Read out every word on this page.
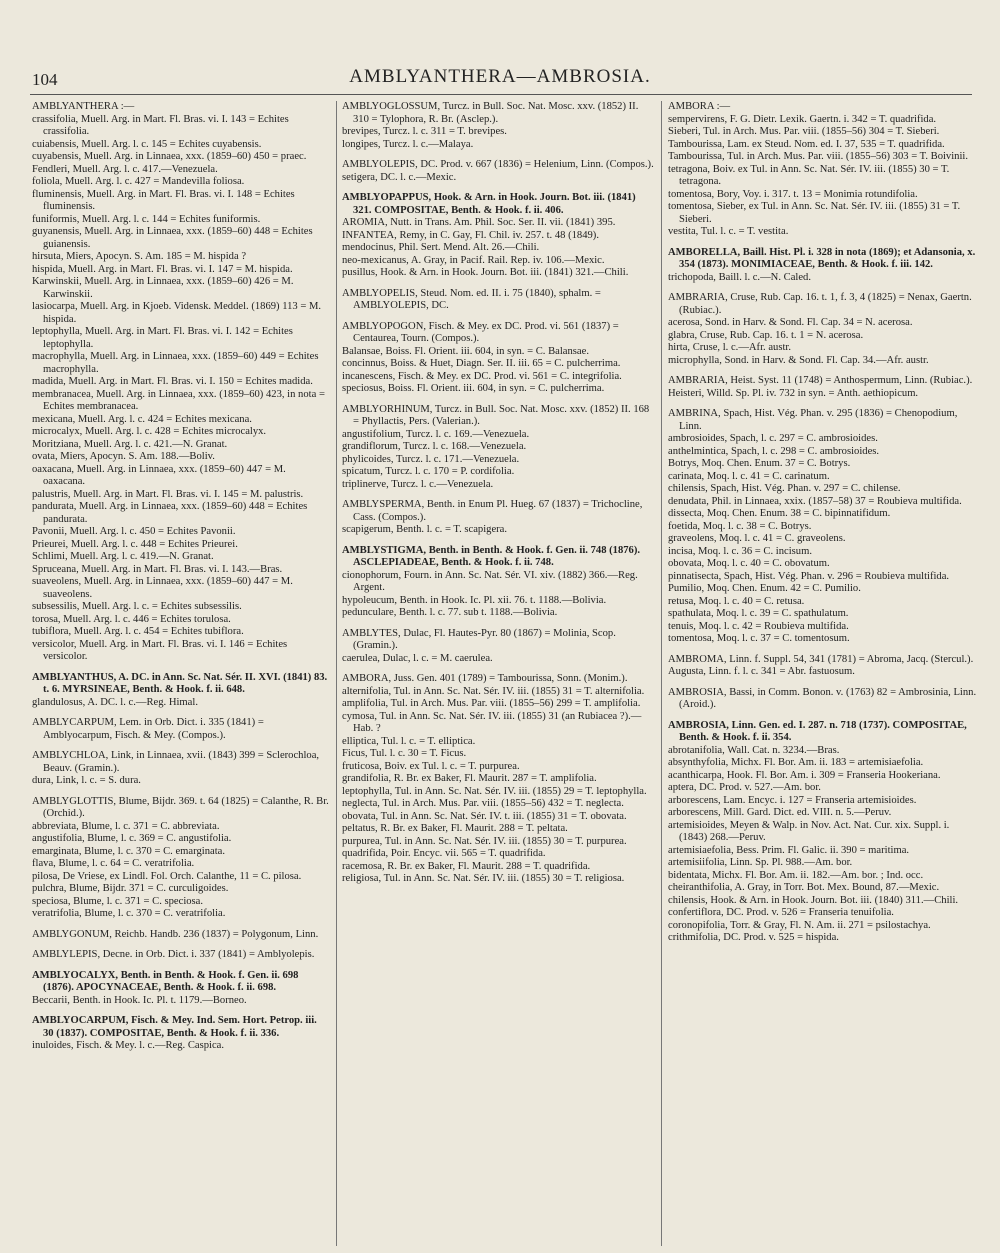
104	AMBLYANTHERA—AMBROSIA.
AMBLYANTHERA :—
crassifolia, Muell. Arg. in Mart. Fl. Bras. vi. I. 143 = Echites crassifolia.
cuiabensis, Muell. Arg. l. c. 145 = Echites cuyabensis.
cuyabensis, Muell. Arg. in Linnaea, xxx. (1859–60) 450 = praec.
Fendleri, Muell. Arg. l. c. 417.—Venezuela.
foliola, Muell. Arg. l. c. 427 = Mandevilla foliosa.
fluminensis, Muell. Arg. in Mart. Fl. Bras. vi. I. 148 = Echites fluminensis.
funiformis, Muell. Arg. l. c. 144 = Echites funiformis.
guyanensis, Muell. Arg. in Linnaea, xxx. (1859–60) 448 = Echites guianensis.
hirsuta, Miers, Apocyn. S. Am. 185 = M. hispida ?
hispida, Muell. Arg. in Mart. Fl. Bras. vi. I. 147 = M. hispida.
Karwinskii, Muell. Arg. in Linnaea, xxx. (1859–60) 426 = M. Karwinskii.
lasiocarpa, Muell. Arg. in Kjoeb. Vidensk. Meddel. (1869) 113 = M. hispida.
leptophylla, Muell. Arg. in Mart. Fl. Bras. vi. I. 142 = Echites leptophylla.
macrophylla, Muell. Arg. in Linnaea, xxx. (1859–60) 449 = Echites macrophylla.
madida, Muell. Arg. in Mart. Fl. Bras. vi. I. 150 = Echites madida.
membranacea, Muell. Arg. in Linnaea, xxx. (1859–60) 423, in nota = Echites membranacea.
mexicana, Muell. Arg. l. c. 424 = Echites mexicana.
microcalyx, Muell. Arg. l. c. 428 = Echites microcalyx.
Moritziana, Muell. Arg. l. c. 421.—N. Granat.
ovata, Miers, Apocyn. S. Am. 188.—Boliv.
oaxacana, Muell. Arg. in Linnaea, xxx. (1859–60) 447 = M. oaxacana.
palustris, Muell. Arg. in Mart. Fl. Bras. vi. I. 145 = M. palustris.
pandurata, Muell. Arg. in Linnaea, xxx. (1859–60) 448 = Echites pandurata.
Pavonii, Muell. Arg. l. c. 450 = Echites Pavonii.
Prieurei, Muell. Arg. l. c. 448 = Echites Prieurei.
Schlimi, Muell. Arg. l. c. 419.—N. Granat.
Spruceana, Muell. Arg. in Mart. Fl. Bras. vi. I. 143.—Bras.
suaveolens, Muell. Arg. in Linnaea, xxx. (1859–60) 447 = M. suaveolens.
subsessilis, Muell. Arg. l. c. = Echites subsessilis.
torosa, Muell. Arg. l. c. 446 = Echites torulosa.
tubiflora, Muell. Arg. l. c. 454 = Echites tubiflora.
versicolor, Muell. Arg. in Mart. Fl. Bras. vi. I. 146 = Echites versicolor.
AMBLYANTHUS, A. DC. in Ann. Sc. Nat. Sér. II. XVI. (1841) 83. t. 6. MYRSINEAE, Benth. & Hook. f. ii. 648.
glandulosus, A. DC. l. c.—Reg. Himal.
AMBLYCARPUM, Lem. in Orb. Dict. i. 335 (1841) = Amblyocarpum, Fisch. & Mey. (Compos.).
AMBLYCHLOA, Link, in Linnaea, xvii. (1843) 399 = Sclerochloa, Beauv. (Gramin.).
dura, Link, l. c. = S. dura.
AMBLYGLOTTIS, Blume, Bijdr. 369. t. 64 (1825) = Calanthe, R. Br. (Orchid.).
abbreviata, Blume, l. c. 371 = C. abbreviata.
angustifolia, Blume, l. c. 369 = C. angustifolia.
emarginata, Blume, l. c. 370 = C. emarginata.
flava, Blume, l. c. 64 = C. veratrifolia.
pilosa, De Vriese, ex Lindl. Fol. Orch. Calanthe, 11 = C. pilosa.
pulchra, Blume, Bijdr. 371 = C. curculigoides.
speciosa, Blume, l. c. 371 = C. speciosa.
veratrifolia, Blume, l. c. 370 = C. veratrifolia.
AMBLYGONUM, Reichb. Handb. 236 (1837) = Polygonum, Linn.
AMBLYLEPIS, Decne. in Orb. Dict. i. 337 (1841) = Amblyolepis.
AMBLYOCALYX, Benth. in Benth. & Hook. f. Gen. ii. 698 (1876). APOCYNACEAE, Benth. & Hook. f. ii. 698.
Beccarii, Benth. in Hook. Ic. Pl. t. 1179.—Borneo.
AMBLYOCARPUM, Fisch. & Mey. Ind. Sem. Hort. Petrop. iii. 30 (1837). COMPOSITAE, Benth. & Hook. f. ii. 336.
inuloides, Fisch. & Mey. l. c.—Reg. Caspica.
AMBLYOGLOSSUM, Turcz. in Bull. Soc. Nat. Mosc. xxv. (1852) II. 310 = Tylophora, R. Br. (Asclep.).
brevipes, Turcz. l. c. 311 = T. brevipes.
longipes, Turcz. l. c.—Malaya.
AMBLYOLEPIS, DC. Prod. v. 667 (1836) = Helenium, Linn. (Compos.).
setigera, DC. l. c.—Mexic.
AMBLYOPAPPUS, Hook. & Arn. in Hook. Journ. Bot. iii. (1841) 321. COMPOSITAE, Benth. & Hook. f. ii. 406.
AROMIA, Nutt. in Trans. Am. Phil. Soc. Ser. II. vii. (1841) 395.
INFANTEA, Remy, in C. Gay, Fl. Chil. iv. 257. t. 48 (1849).
mendocinus, Phil. Sert. Mend. Alt. 26.—Chili.
neo-mexicanus, A. Gray, in Pacif. Rail. Rep. iv. 106.—Mexic.
pusillus, Hook. & Arn. in Hook. Journ. Bot. iii. (1841) 321.—Chili.
AMBLYOPELIS, Steud. Nom. ed. II. i. 75 (1840), sphalm. = AMBLYOLEPIS, DC.
AMBLYOPOGON, Fisch. & Mey. ex DC. Prod. vi. 561 (1837) = Centaurea, Tourn. (Compos.).
Balansae, Boiss. Fl. Orient. iii. 604, in syn. = C. Balansae.
concinnus, Boiss. & Huet, Diagn. Ser. II. iii. 65 = C. pulcherrima.
incanescens, Fisch. & Mey. ex DC. Prod. vi. 561 = C. integrifolia.
speciosus, Boiss. Fl. Orient. iii. 604, in syn. = C. pulcherrima.
AMBLYORHINUM, Turcz. in Bull. Soc. Nat. Mosc. xxv. (1852) II. 168 = Phyllactis, Pers. (Valerian.).
angustifolium, Turcz. l. c. 169.—Venezuela.
grandiflorum, Turcz. l. c. 168.—Venezuela.
phylicoides, Turcz. l. c. 171.—Venezuela.
spicatum, Turcz. l. c. 170 = P. cordifolia.
triplinerve, Turcz. l. c.—Venezuela.
AMBLYSPERMA, Benth. in Enum Pl. Hueg. 67 (1837) = Trichocline, Cass. (Compos.).
scapigerum, Benth. l. c. = T. scapigera.
AMBLYSTIGMA, Benth. in Benth. & Hook. f. Gen. ii. 748 (1876). ASCLEPIADEAE, Benth. & Hook. f. ii. 748.
cionophorum, Fourn. in Ann. Sc. Nat. Sér. VI. xiv. (1882) 366.—Reg. Argent.
hypoleucum, Benth. in Hook. Ic. Pl. xii. 76. t. 1188.—Bolivia.
pedunculare, Benth. l. c. 77. sub t. 1188.—Bolivia.
AMBLYTES, Dulac, Fl. Hautes-Pyr. 80 (1867) = Molinia, Scop. (Gramin.).
caerulea, Dulac, l. c. = M. caerulea.
AMBORA, Juss. Gen. 401 (1789) = Tambourissa, Sonn. (Monim.).
alternifolia, Tul. in Ann. Sc. Nat. Sér. IV. iii. (1855) 31 = T. alternifolia.
amplifolia, Tul. in Arch. Mus. Par. viii. (1855–56) 299 = T. amplifolia.
cymosa, Tul. in Ann. Sc. Nat. Sér. IV. iii. (1855) 31 (an Rubiacea ?).—Hab. ?
elliptica, Tul. l. c. = T. elliptica.
Ficus, Tul. l. c. 30 = T. Ficus.
fruticosa, Boiv. ex Tul. l. c. = T. purpurea.
grandifolia, R. Br. ex Baker, Fl. Maurit. 287 = T. amplifolia.
leptophylla, Tul. in Ann. Sc. Nat. Sér. IV. iii. (1855) 29 = T. leptophylla.
neglecta, Tul. in Arch. Mus. Par. viii. (1855–56) 432 = T. neglecta.
obovata, Tul. in Ann. Sc. Nat. Sér. IV. t. iii. (1855) 31 = T. obovata.
peltatus, R. Br. ex Baker, Fl. Maurit. 288 = T. peltata.
purpurea, Tul. in Ann. Sc. Nat. Sér. IV. iii. (1855) 30 = T. purpurea.
quadrifida, Poir. Encyc. vii. 565 = T. quadrifida.
racemosa, R. Br. ex Baker, Fl. Maurit. 288 = T. quadrifida.
religiosa, Tul. in Ann. Sc. Nat. Sér. IV. iii. (1855) 30 = T. religiosa.
AMBORA :—
sempervirens, F. G. Dietr. Lexik. Gaertn. i. 342 = T. quadrifida.
Sieberi, Tul. in Arch. Mus. Par. viii. (1855–56) 304 = T. Sieberi.
Tambourissa, Lam. ex Steud. Nom. ed. I. 37, 535 = T. quadrifida.
Tambourissa, Tul. in Arch. Mus. Par. viii. (1855–56) 303 = T. Boivinii.
tetragona, Boiv. ex Tul. in Ann. Sc. Nat. Sér. IV. iii. (1855) 30 = T. tetragona.
tomentosa, Bory, Voy. i. 317. t. 13 = Monimia rotundifolia.
tomentosa, Sieber, ex Tul. in Ann. Sc. Nat. Sér. IV. iii. (1855) 31 = T. Sieberi.
vestita, Tul. l. c. = T. vestita.
AMBORELLA, Baill. Hist. Pl. i. 328 in nota (1869); et Adansonia, x. 354 (1873). MONIMIACEAE, Benth. & Hook. f. iii. 142.
trichopoda, Baill. l. c.—N. Caled.
AMBRARIA, Cruse, Rub. Cap. 16. t. 1, f. 3, 4 (1825) = Nenax, Gaertn. (Rubiac.).
acerosa, Sond. in Harv. & Sond. Fl. Cap. 34 = N. acerosa.
glabra, Cruse, Rub. Cap. 16. t. 1 = N. acerosa.
hirta, Cruse, l. c.—Afr. austr.
microphylla, Sond. in Harv. & Sond. Fl. Cap. 34.—Afr. austr.
AMBRARIA, Heist. Syst. 11 (1748) = Anthospermum, Linn. (Rubiac.).
Heisteri, Willd. Sp. Pl. iv. 732 in syn. = Anth. aethiopicum.
AMBRINA, Spach, Hist. Vég. Phan. v. 295 (1836) = Chenopodium, Linn.
ambrosioides, Spach, l. c. 297 = C. ambrosioides.
anthelmintica, Spach, l. c. 298 = C. ambrosioides.
Botrys, Moq. Chen. Enum. 37 = C. Botrys.
carinata, Moq. l. c. 41 = C. carinatum.
chilensis, Spach, Hist. Vég. Phan. v. 297 = C. chilense.
denudata, Phil. in Linnaea, xxix. (1857–58) 37 = Roubieva multifida.
dissecta, Moq. Chen. Enum. 38 = C. bipinnatifidum.
foetida, Moq. l. c. 38 = C. Botrys.
graveolens, Moq. l. c. 41 = C. graveolens.
incisa, Moq. l. c. 36 = C. incisum.
obovata, Moq. l. c. 40 = C. obovatum.
pinnatisecta, Spach, Hist. Vég. Phan. v. 296 = Roubieva multifida.
Pumilio, Moq. Chen. Enum. 42 = C. Pumilio.
retusa, Moq. l. c. 40 = C. retusa.
spathulata, Moq. l. c. 39 = C. spathulatum.
tenuis, Moq. l. c. 42 = Roubieva multifida.
tomentosa, Moq. l. c. 37 = C. tomentosum.
AMBROMA, Linn. f. Suppl. 54, 341 (1781) = Abroma, Jacq. (Stercul.).
Augusta, Linn. f. l. c. 341 = Abr. fastuosum.
AMBROSIA, Bassi, in Comm. Bonon. v. (1763) 82 = Ambrosinia, Linn. (Aroid.).
AMBROSIA, Linn. Gen. ed. I. 287. n. 718 (1737). COMPOSITAE, Benth. & Hook. f. ii. 354.
abrotanifolia, Wall. Cat. n. 3234.—Bras.
absynthyfolia, Michx. Fl. Bor. Am. ii. 183 = artemisiaefolia.
acanthicarpa, Hook. Fl. Bor. Am. i. 309 = Franseria Hookeriana.
aptera, DC. Prod. v. 527.—Am. bor.
arborescens, Lam. Encyc. i. 127 = Franseria artemisioides.
arborescens, Mill. Gard. Dict. ed. VIII. n. 5.—Peruv.
artemisioides, Meyen & Walp. in Nov. Act. Nat. Cur. xix. Suppl. i. (1843) 268.—Peruv.
artemisiaefolia, Bess. Prim. Fl. Galic. ii. 390 = maritima.
artemisiifolia, Linn. Sp. Pl. 988.—Am. bor.
bidentata, Michx. Fl. Bor. Am. ii. 182.—Am. bor. ; Ind. occ.
cheiranthifolia, A. Gray, in Torr. Bot. Mex. Bound, 87.—Mexic.
chilensis, Hook. & Arn. in Hook. Journ. Bot. iii. (1840) 311.—Chili.
confertiflora, DC. Prod. v. 526 = Franseria tenuifolia.
coronopifolia, Torr. & Gray, Fl. N. Am. ii. 271 = psilostachya.
crithmifolia, DC. Prod. v. 525 = hispida.
